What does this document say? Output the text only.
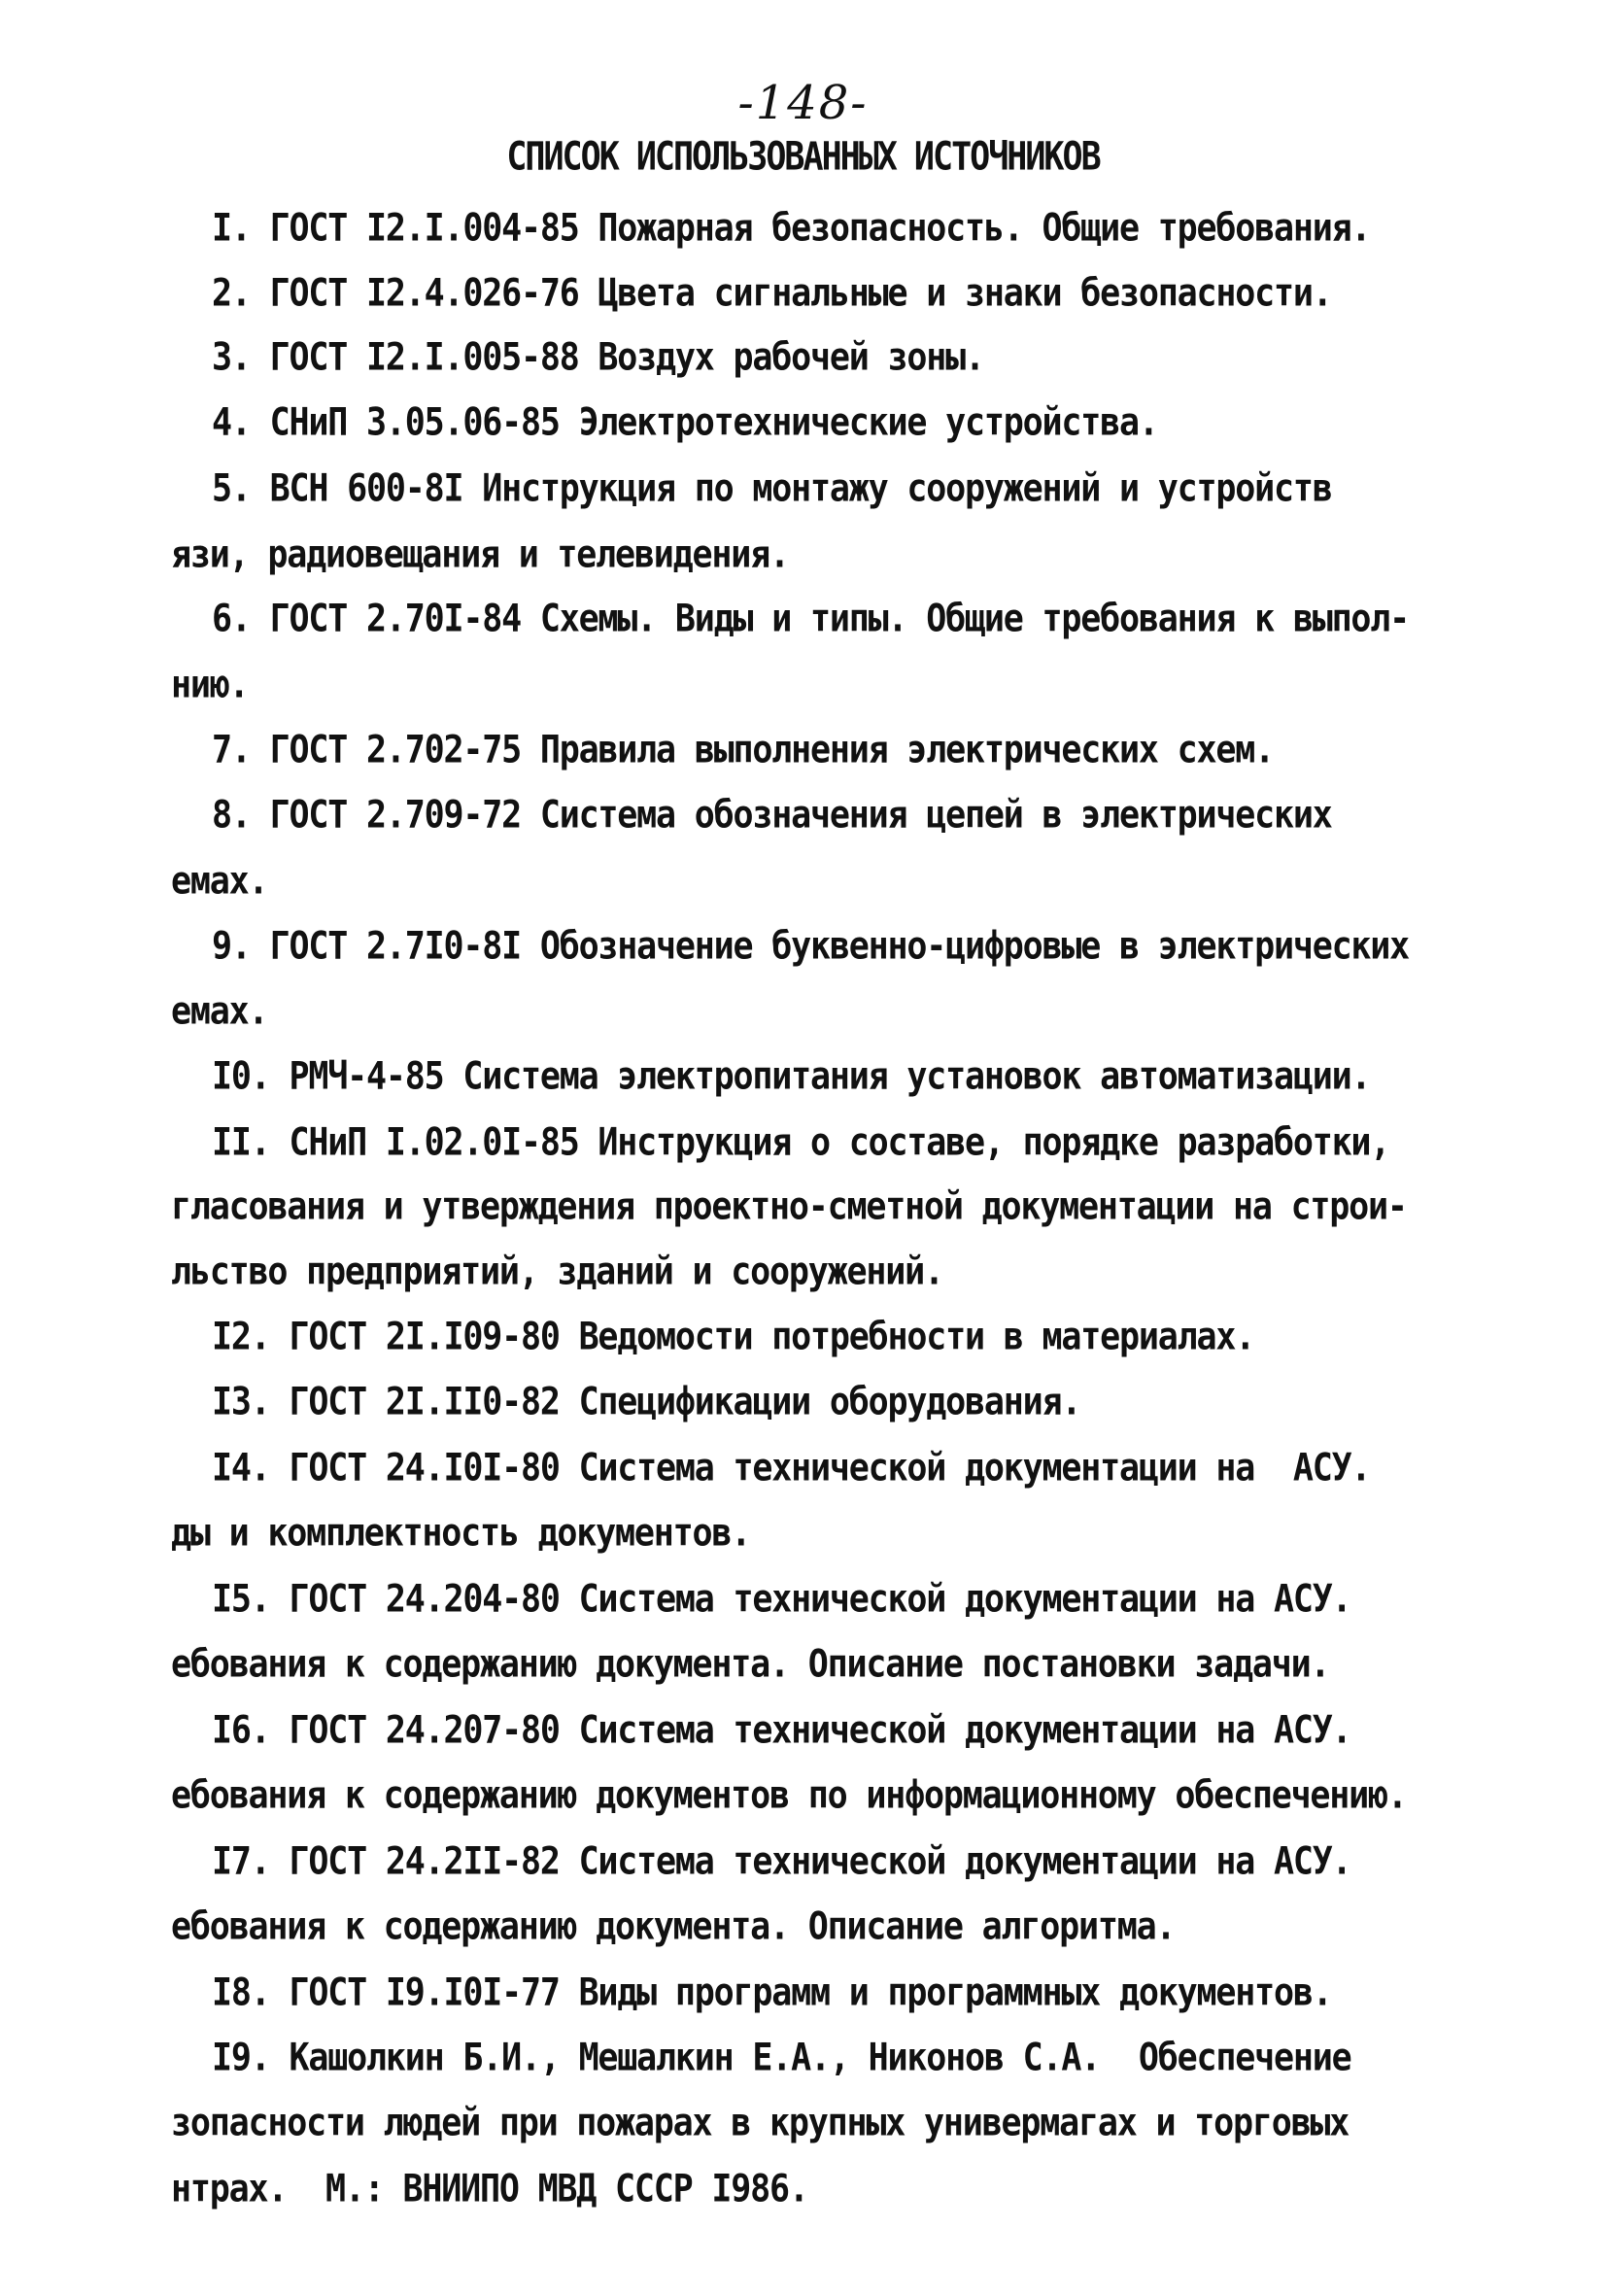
-148-
СПИСОК ИСПОЛЬЗОВАННЫХ ИСТОЧНИКОВ
I. ГОСТ I2.I.004-85 Пожарная безопасность. Общие требования.
2. ГОСТ I2.4.026-76 Цвета сигнальные и знаки безопасности.
3. ГОСТ I2.I.005-88 Воздух рабочей зоны.
4. СНиП 3.05.06-85 Электротехнические устройства.
5. ВСН 600-8I Инструкция по монтажу сооружений и устройств
язи, радиовещания и телевидения.
6. ГОСТ 2.70I-84 Схемы. Виды и типы. Общие требования к выпол-
нию.
7. ГОСТ 2.702-75 Правила выполнения электрических схем.
8. ГОСТ 2.709-72 Система обозначения цепей в электрических
емах.
9. ГОСТ 2.7I0-8I Обозначение буквенно-цифровые в электрических
емах.
I0. РМЧ-4-85 Система электропитания установок автоматизации.
II. СНиП I.02.0I-85 Инструкция о составе, порядке разработки,
гласования и утверждения проектно-сметной документации на строи-
льство предприятий, зданий и сооружений.
I2. ГОСТ 2I.I09-80 Ведомости потребности в материалах.
I3. ГОСТ 2I.II0-82 Спецификации оборудования.
I4. ГОСТ 24.I0I-80 Система технической документации на  АСУ.
ды и комплектность документов.
I5. ГОСТ 24.204-80 Система технической документации на АСУ.
ебования к содержанию документа. Описание постановки задачи.
I6. ГОСТ 24.207-80 Система технической документации на АСУ.
ебования к содержанию документов по информационному обеспечению.
I7. ГОСТ 24.2II-82 Система технической документации на АСУ.
ебования к содержанию документа. Описание алгоритма.
I8. ГОСТ I9.I0I-77 Виды программ и программных документов.
I9. Кашолкин Б.И., Мешалкин Е.А., Никонов С.А.  Обеспечение
зопасности людей при пожарах в крупных универмагах и торговых
нтрах.  М.: ВНИИПО МВД СССР I986.
